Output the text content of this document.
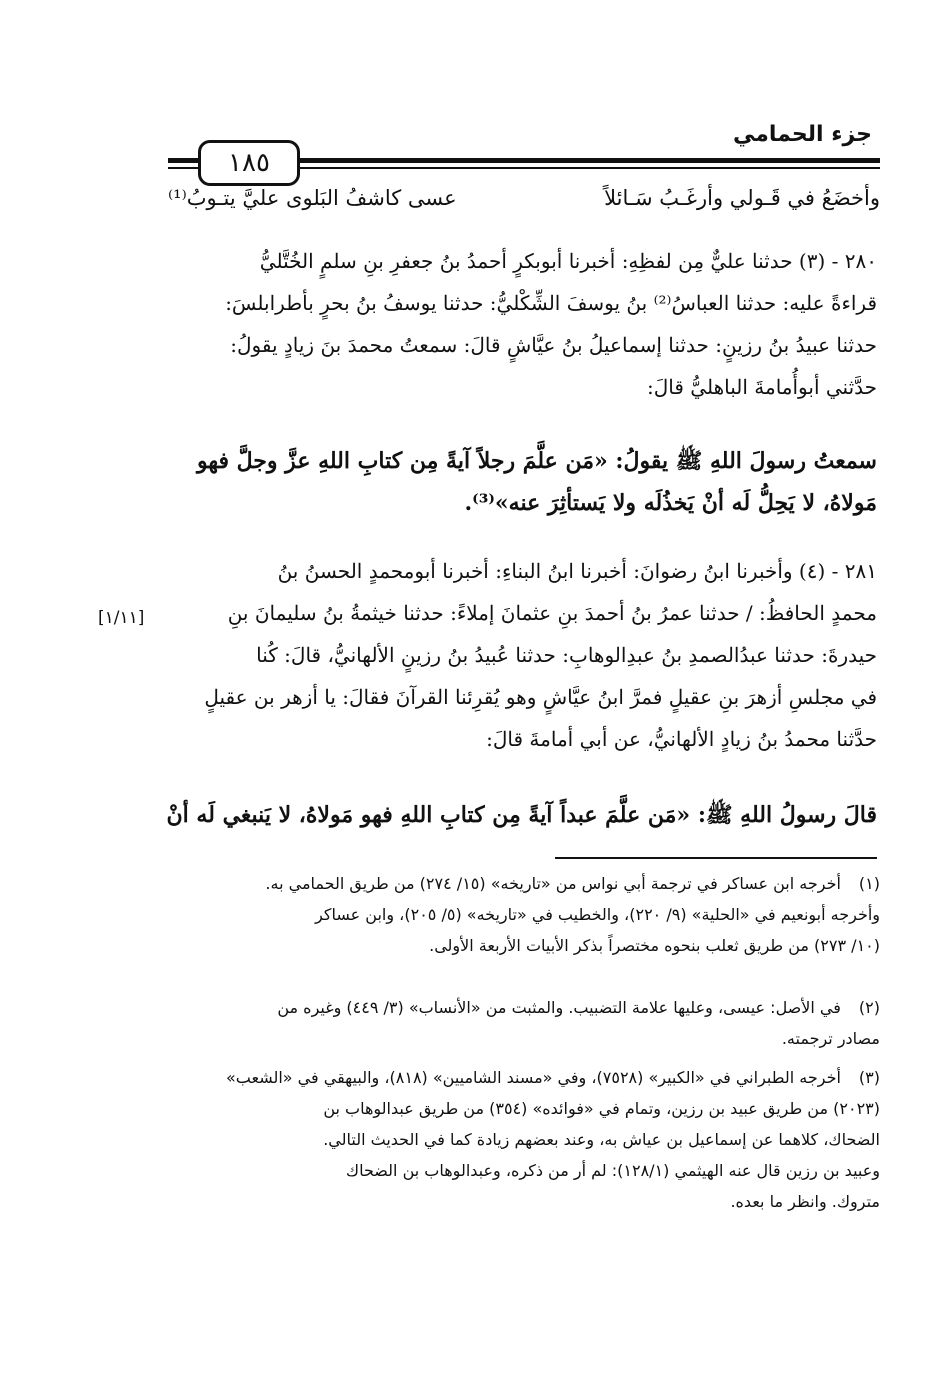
جزء الحمامي
١٨٥
وأخضَعُ في قَـولي وأرغَـبُ سَـائلاً
عسى كاشفُ البَلوى عليَّ يتـوبُ⁽¹⁾
٢٨٠ - (٣) حدثنا عليٌّ مِن لفظِهِ: أخبرنا أبوبكرٍ أحمدُ بنُ جعفرِ بنِ سلمٍ الخُتَّليُّ
قراءةً عليه: حدثنا العباسُ⁽²⁾ بنُ يوسفَ الشِّكْليُّ: حدثنا يوسفُ بنُ بحرٍ بأطرابلسَ:
حدثنا عبيدُ بنُ رزينٍ: حدثنا إسماعيلُ بنُ عيَّاشٍ قالَ: سمعتُ محمدَ بنَ زيادٍ يقولُ:
حدَّثني أبوأُمامةَ الباهليُّ قالَ:
سمعتُ رسولَ اللهِ ﷺ يقولُ: «مَن علَّمَ رجلاً آيةً مِن كتابِ اللهِ عزَّ وجلَّ فهو
مَولاهُ، لا يَحِلُّ لَه أنْ يَخذُلَه ولا يَستأثِرَ عنه»⁽³⁾.
٢٨١ - (٤) وأخبرنا ابنُ رضوانَ: أخبرنا ابنُ البناءِ: أخبرنا أبومحمدٍ الحسنُ بنُ
محمدٍ الحافظُ: / حدثنا عمرُ بنُ أحمدَ بنِ عثمانَ إملاءً: حدثنا خيثمةُ بنُ سليمانَ بنِ
حيدرةَ: حدثنا عبدُالصمدِ بنُ عبدِالوهابِ: حدثنا عُبيدُ بنُ رزينٍ الألهانيُّ، قالَ: كُنا
في مجلسِ أزهرَ بنِ عقيلٍ فمرَّ ابنُ عيَّاشٍ وهو يُقرِئنا القرآنَ فقالَ: يا أزهر بن عقيلٍ
حدَّثنا محمدُ بنُ زيادٍ الألهانيُّ، عن أبي أمامةَ قالَ:
[١/١١]
قالَ رسولُ اللهِ ﷺ: «مَن علَّمَ عبداً آيةً مِن كتابِ اللهِ فهو مَولاهُ، لا يَنبغي لَه أنْ
(١) أخرجه ابن عساكر في ترجمة أبي نواس من «تاريخه» (١٥/ ٢٧٤) من طريق الحمامي به.
وأخرجه أبونعيم في «الحلية» (٩/ ٢٢٠)، والخطيب في «تاريخه» (٥/ ٢٠٥)، وابن عساكر
(١٠/ ٢٧٣) من طريق ثعلب بنحوه مختصراً بذكر الأبيات الأربعة الأولى.
(٢) في الأصل: عيسى، وعليها علامة التضبيب. والمثبت من «الأنساب» (٣/ ٤٤٩) وغيره من
مصادر ترجمته.
(٣) أخرجه الطبراني في «الكبير» (٧٥٢٨)، وفي «مسند الشاميين» (٨١٨)، والبيهقي في «الشعب»
(٢٠٢٣) من طريق عبيد بن رزين، وتمام في «فوائده» (٣٥٤) من طريق عبدالوهاب بن
الضحاك، كلاهما عن إسماعيل بن عياش به، وعند بعضهم زيادة كما في الحديث التالي.
وعبيد بن رزين قال عنه الهيثمي (١٢٨/١): لم أر من ذكره، وعبدالوهاب بن الضحاك
متروك. وانظر ما بعده.
